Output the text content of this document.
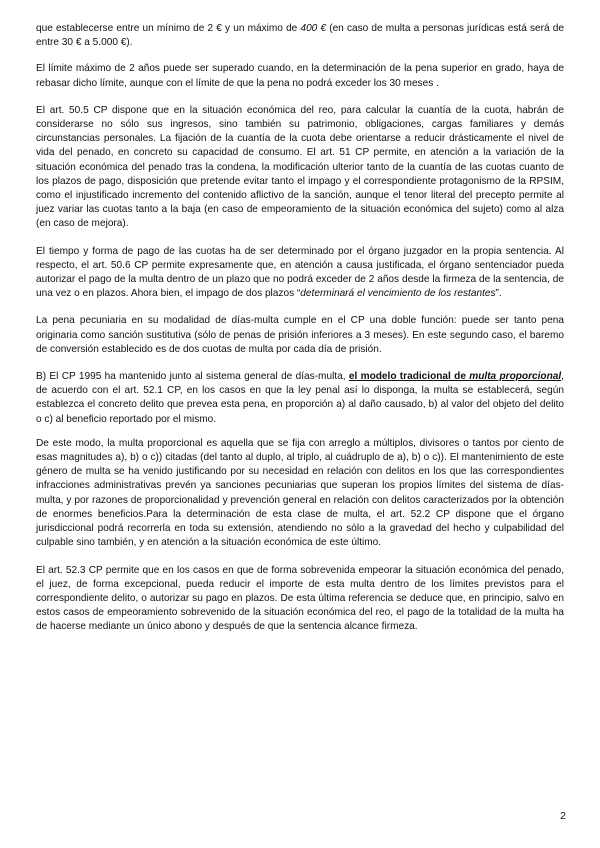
que establecerse entre un mínimo de 2 € y un máximo de 400 € (en caso de multa a personas jurídicas está será de entre 30 € a 5.000 €).

El límite máximo de 2 años puede ser superado cuando, en la determinación de la pena superior en grado, haya de rebasar dicho límite, aunque con el límite de que la pena no podrá exceder los 30 meses .

El art. 50.5 CP dispone que en la situación económica del reo, para calcular la cuantía de la cuota, habrán de considerarse no sólo sus ingresos, sino también su patrimonio, obligaciones, cargas familiares y demás circunstancias personales. La fijación de la cuantía de la cuota debe orientarse a reducir drásticamente el nivel de vida del penado, en concreto su capacidad de consumo. El art. 51 CP permite, en atención a la variación de la situación económica del penado tras la condena, la modificación ulterior tanto de la cuantía de las cuotas cuanto de los plazos de pago, disposición que pretende evitar tanto el impago y el correspondiente protagonismo de la RPSIM, como el injustificado incremento del contenido aflictivo de la sanción, aunque el tenor literal del precepto permite al juez variar las cuotas tanto a la baja (en caso de empeoramiento de la situación económica del sujeto) como al alza (en caso de mejora).

El tiempo y forma de pago de las cuotas ha de ser determinado por el órgano juzgador en la propia sentencia. Al respecto, el art. 50.6 CP permite expresamente que, en atención a causa justificada, el órgano sentenciador pueda autorizar el pago de la multa dentro de un plazo que no podrá exceder de 2 años desde la firmeza de la sentencia, de una vez o en plazos. Ahora bien, el impago de dos plazos “determinará el vencimiento de los restantes”.

La pena pecuniaria en su modalidad de días-multa cumple en el CP una doble función: puede ser tanto pena originaria como sanción sustitutiva (sólo de penas de prisión inferiores a 3 meses). En este segundo caso, el baremo de conversión establecido es de dos cuotas de multa por cada día de prisión.

B) El CP 1995 ha mantenido junto al sistema general de días-multa, el modelo tradicional de multa proporcional, de acuerdo con el art. 52.1 CP, en los casos en que la ley penal así lo disponga, la multa se establecerá, según establezca el concreto delito que prevea esta pena, en proporción a) al daño causado, b) al valor del objeto del delito o c) al beneficio reportado por el mismo.

De este modo, la multa proporcional es aquella que se fija con arreglo a múltiplos, divisores o tantos por ciento de esas magnitudes a), b) o c)) citadas (del tanto al duplo, al triplo, al cuádruplo de a), b) o c)). El mantenimiento de este género de multa se ha venido justificando por su necesidad en relación con delitos en los que las correspondientes infracciones administrativas prevén ya sanciones pecuniarias que superan los propios límites del sistema de días-multa, y por razones de proporcionalidad y prevención general en relación con delitos caracterizados por la obtención de enormes beneficios.Para la determinación de esta clase de multa, el art. 52.2 CP dispone que el órgano jurisdiccional podrá recorrerla en toda su extensión, atendiendo no sólo a la gravedad del hecho y culpabilidad del culpable sino también, y en atención a la situación económica de este último.

El art. 52.3 CP permite que en los casos en que de forma sobrevenida empeorar la situación económica del penado, el juez, de forma excepcional, pueda reducir el importe de esta multa dentro de los límites previstos para el correspondiente delito, o autorizar su pago en plazos. De esta última referencia se deduce que, en principio, salvo en estos casos de empeoramiento sobrevenido de la situación económica del reo, el pago de la totalidad de la multa ha de hacerse mediante un único abono y después de que la sentencia alcance firmeza.

2
